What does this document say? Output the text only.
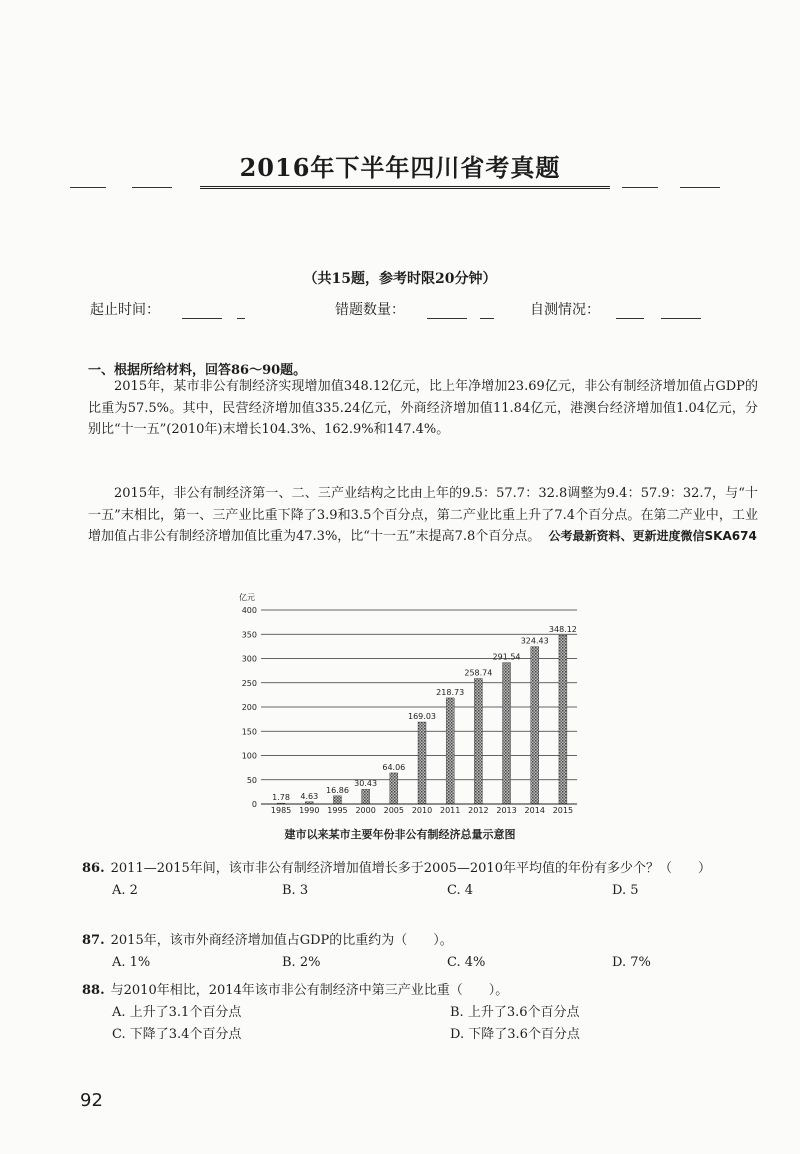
2016年下半年四川省考真题
（共15题，参考时限20分钟）
起止时间：	错题数量：	自测情况：
一、根据所给材料，回答86～90题。

2015年，某市非公有制经济实现增加值348.12亿元，比上年净增加23.69亿元，非公有制经济增加值占GDP的比重为57.5%。其中，民营经济增加值335.24亿元，外商经济增加值11.84亿元，港澳台经济增加值1.04亿元，分别比“十一五”(2010年)末增长104.3%、162.9%和147.4%。

2015年，非公有制经济第一、二、三产业结构之比由上年的9.5：57.7：32.8调整为9.4：57.9：32.7，与“十一五”末相比，第一、三产业比重下降了3.9和3.5个百分点，第二产业比重上升了7.4个百分点。在第二产业中，工业增加值占非公有制经济增加值比重为47.3%，比“十一五”末提高7.8个百分点。 公考最新资料、更新进度微信SKA674

0
50
100
150
200
250
300
350
400
亿元
1.78 4.63
16.86
30.43
64.06
169.03
218.73
258.74
291.54
324.43
348.12
1985 1990 1995 2000 2005 2010 2011 2012 2013 2014 2015
建市以来某市主要年份非公有制经济总量示意图
86. 2011—2015年间，该市非公有制经济增加值增长多于2005—2010年平均值的年份有多少个？（　　）
A. 2	B. 3	C. 4	D. 5
87. 2015年，该市外商经济增加值占GDP的比重约为（　　）。
A. 1%	B. 2%	C. 4%	D. 7%
88. 与2010年相比，2014年该市非公有制经济中第三产业比重（　　）。
A. 上升了3.1个百分点	B. 上升了3.6个百分点
C. 下降了3.4个百分点	D. 下降了3.6个百分点
92
